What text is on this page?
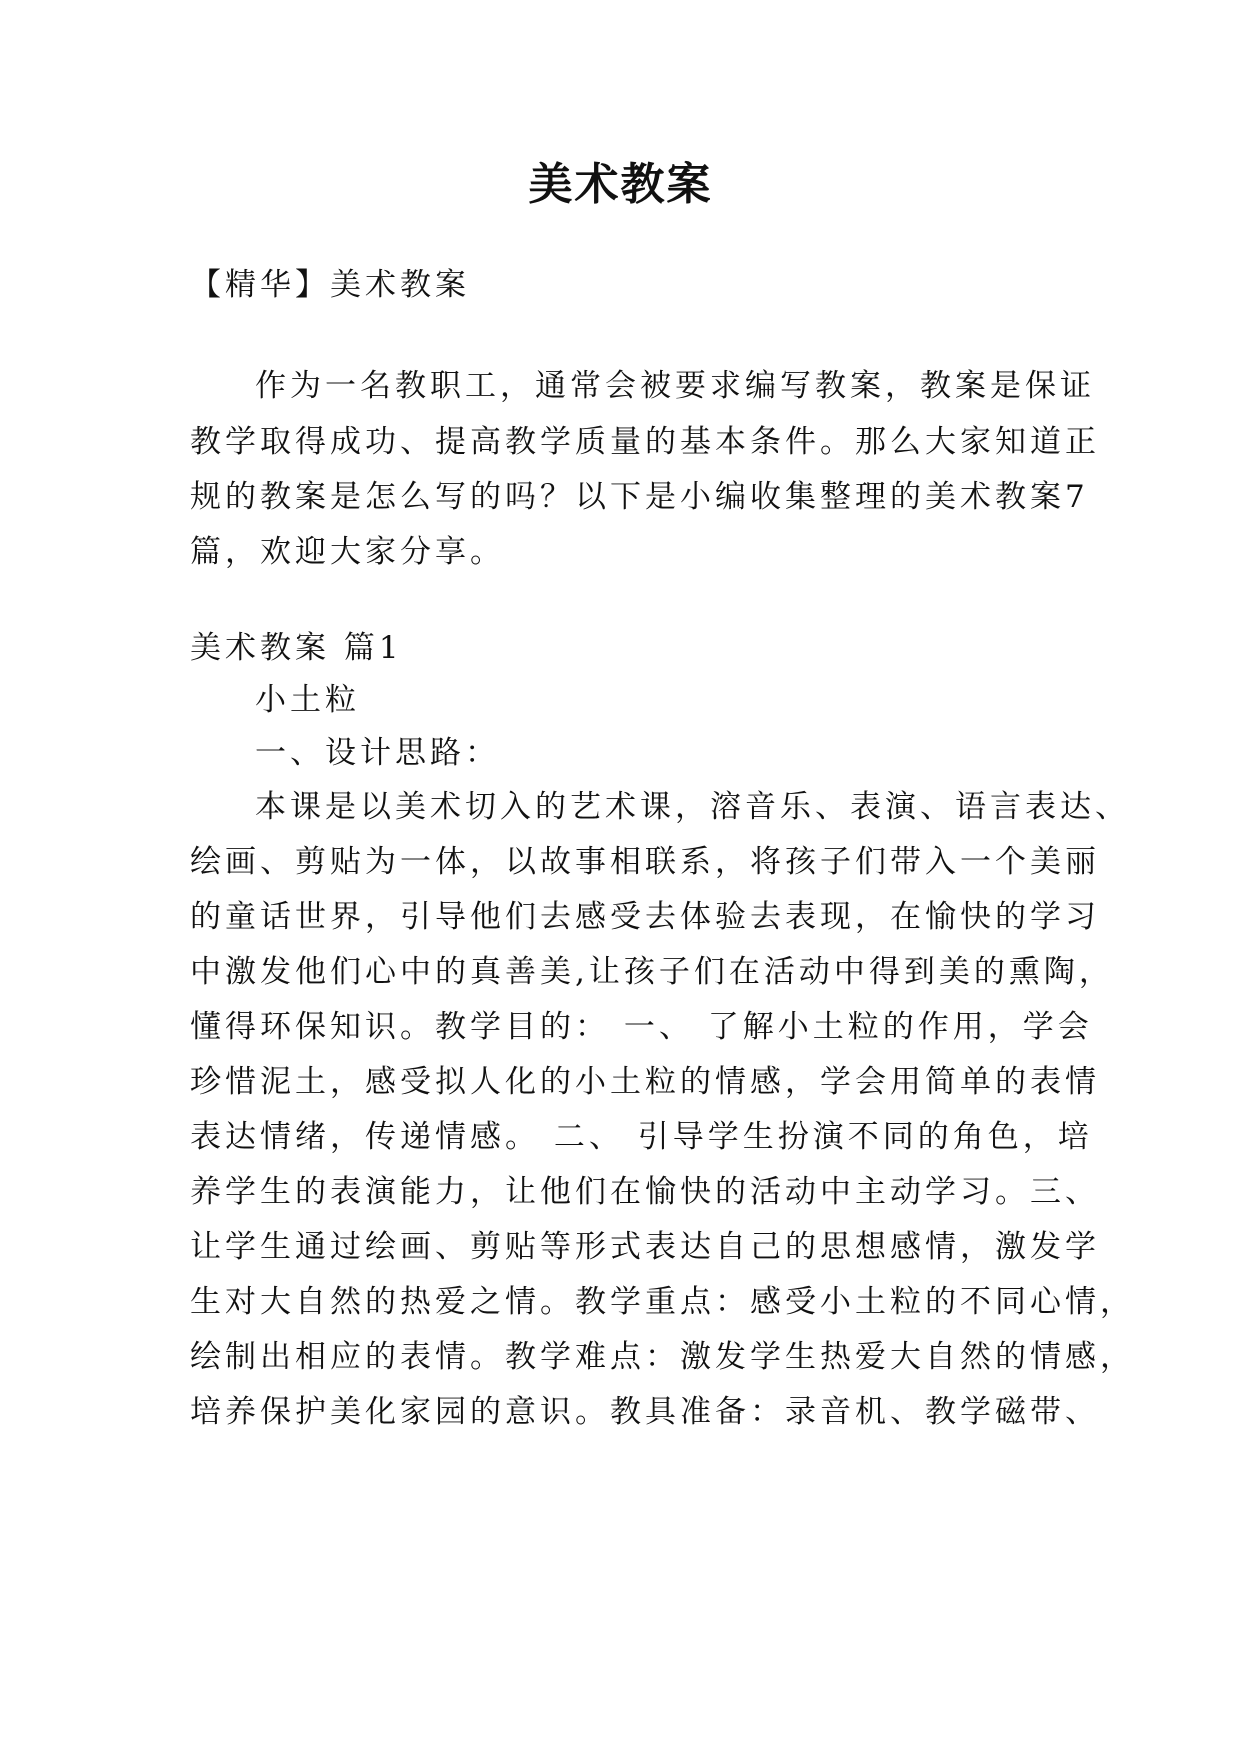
美术教案
【精华】美术教案
作为一名教职工，通常会被要求编写教案，教案是保证
教学取得成功、提高教学质量的基本条件。那么大家知道正
规的教案是怎么写的吗？以下是小编收集整理的美术教案7
篇，欢迎大家分享。
美术教案 篇1
小土粒
一、设计思路：
本课是以美术切入的艺术课，溶音乐、表演、语言表达、
绘画、剪贴为一体，以故事相联系，将孩子们带入一个美丽
的童话世界，引导他们去感受去体验去表现，在愉快的学习
中激发他们心中的真善美,让孩子们在活动中得到美的熏陶，
懂得环保知识。教学目的： 一、 了解小土粒的作用，学会
珍惜泥土，感受拟人化的小土粒的情感，学会用简单的表情
表达情绪，传递情感。 二、 引导学生扮演不同的角色，培
养学生的表演能力，让他们在愉快的活动中主动学习。三、
让学生通过绘画、剪贴等形式表达自己的思想感情，激发学
生对大自然的热爱之情。教学重点：感受小土粒的不同心情，
绘制出相应的表情。教学难点：激发学生热爱大自然的情感，
培养保护美化家园的意识。教具准备：录音机、教学磁带、
